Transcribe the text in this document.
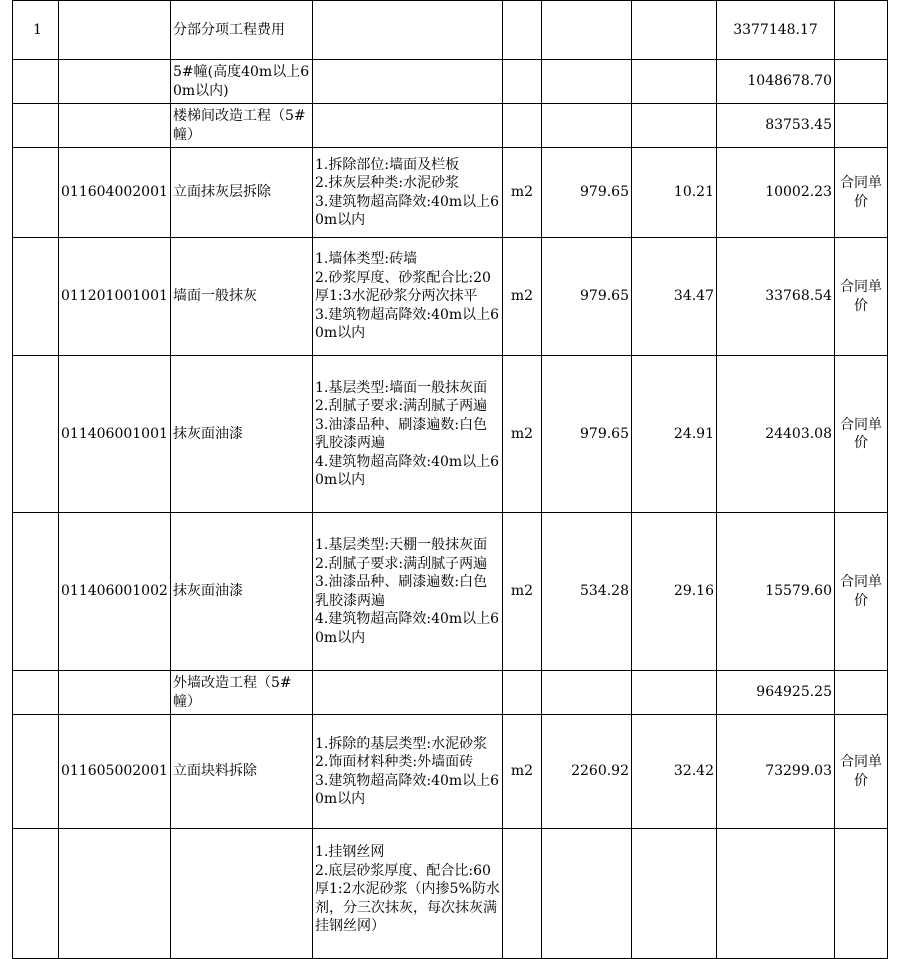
1		分部分项工程费用					3377148.17	
		5#幢(高度40m以上60m以内)					1048678.70	
		楼梯间改造工程（5#幢）					83753.45	
	011604002001	立面抹灰层拆除	1.拆除部位:墙面及栏板
2.抹灰层种类:水泥砂浆
3.建筑物超高降效:40m以上60m以内	m2	979.65	10.21	10002.23	合同单价
	011201001001	墙面一般抹灰	1.墙体类型:砖墙
2.砂浆厚度、砂浆配合比:20厚1:3水泥砂浆分两次抹平
3.建筑物超高降效:40m以上60m以内	m2	979.65	34.47	33768.54	合同单价
	011406001001	抹灰面油漆	1.基层类型:墙面一般抹灰面
2.刮腻子要求:满刮腻子两遍
3.油漆品种、刷漆遍数:白色乳胶漆两遍
4.建筑物超高降效:40m以上60m以内	m2	979.65	24.91	24403.08	合同单价
	011406001002	抹灰面油漆	1.基层类型:天棚一般抹灰面
2.刮腻子要求:满刮腻子两遍
3.油漆品种、刷漆遍数:白色乳胶漆两遍
4.建筑物超高降效:40m以上60m以内	m2	534.28	29.16	15579.60	合同单价
		外墙改造工程（5#幢）					964925.25	
	011605002001	立面块料拆除	1.拆除的基层类型:水泥砂浆
2.饰面材料种类:外墙面砖
3.建筑物超高降效:40m以上60m以内	m2	2260.92	32.42	73299.03	合同单价

			1.挂钢丝网
2.底层砂浆厚度、配合比:60厚1:2水泥砂浆（内掺5%防水剂，分三次抹灰，每次抹灰满挂钢丝网）					
